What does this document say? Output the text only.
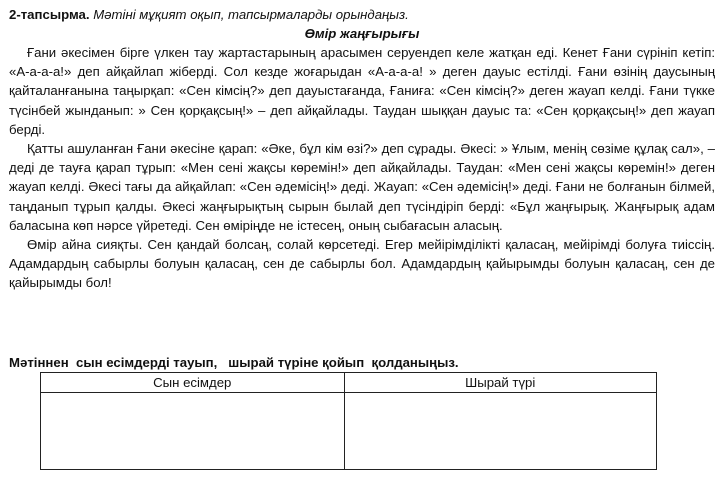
2-тапсырма. Мәтіні мұқият оқып, тапсырмаларды орындаңыз.
Өмір жаңғырығы

Ғани әкесімен бірге үлкен тау жартастарының арасымен серуендеп келе жатқан еді. Кенет Ғани сүрініп кетіп: «А-а-а-а!» деп айқайлап жіберді. Сол кезде жоғарыдан «А-а-а-а! » деген дауыс естілді. Ғани өзінің даусының қайталанғанына таңырқап: «Сен кімсің?» деп дауыстағанда, Ғаниға: «Сен кімсің?» деген жауап келді. Ғани түкке түсінбей жынданып: » Сен қорқақсың!» – деп айқайлады. Таудан шыққан дауыс та: «Сен қорқақсың!» деп жауап берді.

Қатты ашуланған Ғани әкесіне қарап: «Әке, бұл кім өзі?» деп сұрады. Әкесі: » Ұлым, менің сөзіме құлақ сал», – деді де тауға қарап тұрып: «Мен сені жақсы көремін!» деп айқайлады. Таудан: «Мен сені жақсы көремін!» деген жауап келді. Әкесі тағы да айқайлап: «Сен әдемісің!» деді. Жауап: «Сен әдемісің!» деді. Ғани не болғанын білмей, таңданып тұрып қалды. Әкесі жаңғырықтың сырын былай деп түсіндіріп берді: «Бұл жаңғырық. Жаңғырық адам баласына көп нәрсе үйретеді. Сен өміріңде не істесең, оның сыбағасын аласың.

Өмір айна сияқты. Сен қандай болсаң, солай көрсетеді. Егер мейірімділікті қаласаң, мейірімді болуға тиіссің. Адамдардың сабырлы болуын қаласаң, сен де сабырлы бол. Адамдардың қайырымды болуын қаласаң, сен де қайырымды бол!

Мәтіннен  сын есімдерді тауып,   шырай түріне қойып  қолданыңыз.
Сын есімдер	Шырай түрі
